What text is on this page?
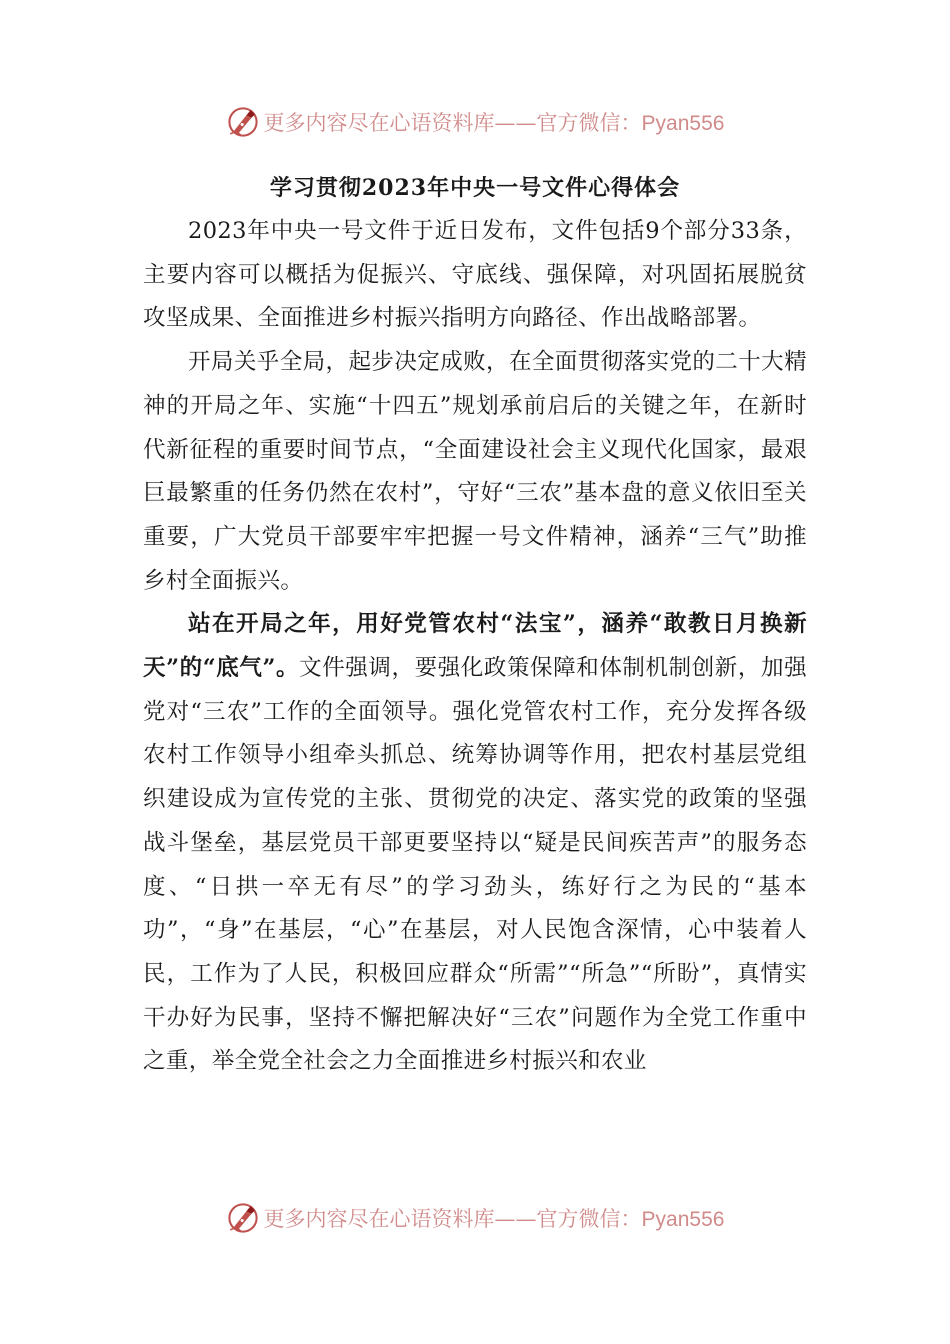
更多内容尽在心语资料库——官方微信：Pyan556
学习贯彻2023年中央一号文件心得体会

2023年中央一号文件于近日发布，文件包括9个部分33条，主要内容可以概括为促振兴、守底线、强保障，对巩固拓展脱贫攻坚成果、全面推进乡村振兴指明方向路径、作出战略部署。

开局关乎全局，起步决定成败，在全面贯彻落实党的二十大精神的开局之年、实施“十四五”规划承前启后的关键之年，在新时代新征程的重要时间节点，“全面建设社会主义现代化国家，最艰巨最繁重的任务仍然在农村”，守好“三农”基本盘的意义依旧至关重要，广大党员干部要牢牢把握一号文件精神，涵养“三气”助推乡村全面振兴。

站在开局之年，用好党管农村“法宝”，涵养“敢教日月换新天”的“底气”。文件强调，要强化政策保障和体制机制创新，加强党对“三农”工作的全面领导。强化党管农村工作，充分发挥各级农村工作领导小组牵头抓总、统筹协调等作用，把农村基层党组织建设成为宣传党的主张、贯彻党的决定、落实党的政策的坚强战斗堡垒，基层党员干部更要坚持以“疑是民间疾苦声”的服务态度、“日拱一卒无有尽”的学习劲头，练好行之为民的“基本功”，“身”在基层，“心”在基层，对人民饱含深情，心中装着人民，工作为了人民，积极回应群众“所需”“所急”“所盼”，真情实干办好为民事，坚持不懈把解决好“三农”问题作为全党工作重中之重，举全党全社会之力全面推进乡村振兴和农业

更多内容尽在心语资料库——官方微信：Pyan556
